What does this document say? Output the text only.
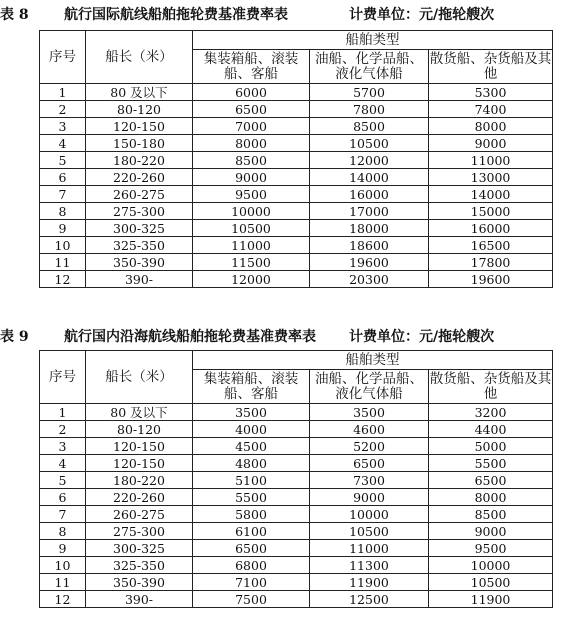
表 8	航行国际航线船舶拖轮费基准费率表	计费单位：元/拖轮艘次
序号	船长（米）	船舶类型		
		集装箱船、滚装船、客船	油船、化学品船、液化气体船	散货船、杂货船及其他
1	80 及以下	6000	5700	5300
2	80-120	6500	7800	7400
3	120-150	7000	8500	8000
4	150-180	8000	10500	9000
5	180-220	8500	12000	11000
6	220-260	9000	14000	13000
7	260-275	9500	16000	14000
8	275-300	10000	17000	15000
9	300-325	10500	18000	16000
10	325-350	11000	18600	16500
11	350-390	11500	19600	17800
12	390-	12000	20300	19600
表 9	航行国内沿海航线船舶拖轮费基准费率表 计费单位：元/拖轮艘次
序号	船长（米）	船舶类型		
		集装箱船、滚装船、客船	油船、化学品船、液化气体船	散货船、杂货船及其他
1	80 及以下	3500	3500	3200
2	80-120	4000	4600	4400
3	120-150	4500	5200	5000
4	120-150	4800	6500	5500
5	180-220	5100	7300	6500
6	220-260	5500	9000	8000
7	260-275	5800	10000	8500
8	275-300	6100	10500	9000
9	300-325	6500	11000	9500
10	325-350	6800	11300	10000
11	350-390	7100	11900	10500
12	390-	7500	12500	11900
